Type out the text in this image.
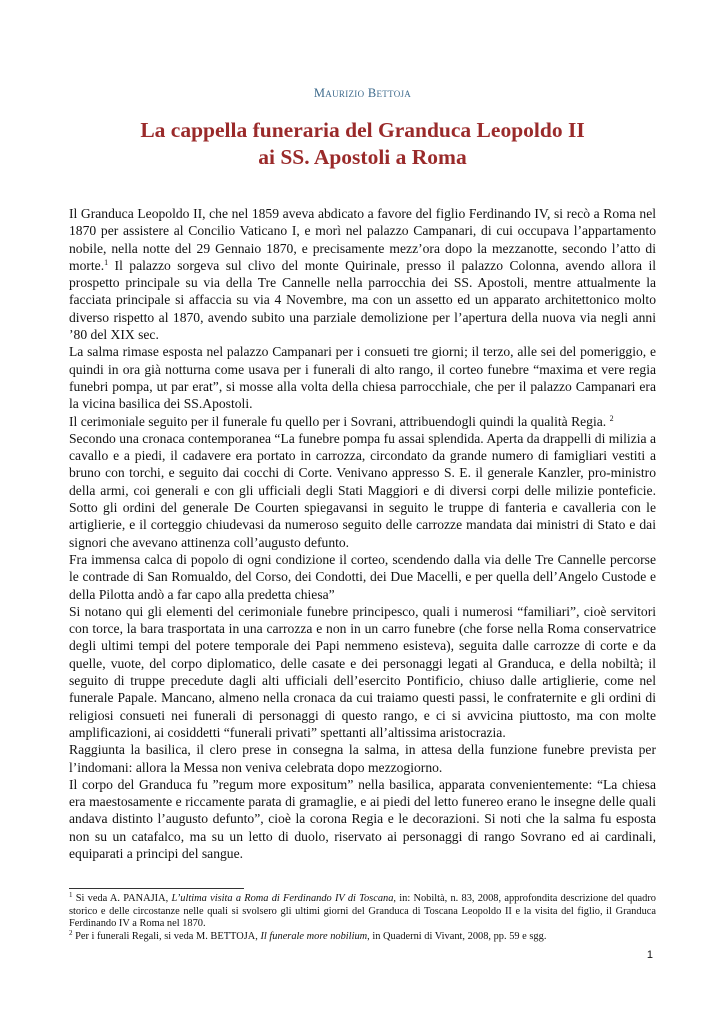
Maurizio Bettoja
La cappella funeraria del Granduca Leopoldo II
ai SS. Apostoli a Roma

Il Granduca Leopoldo II, che nel 1859 aveva abdicato a favore del figlio Ferdinando IV, si recò a Roma nel 1870 per assistere al Concilio Vaticano I, e morì nel palazzo Campanari, di cui occupava l’appartamento nobile, nella notte del 29 Gennaio 1870, e precisamente mezz’ora dopo la mezzanotte, secondo l’atto di morte.$^1$ Il palazzo sorgeva sul clivo del monte Quirinale, presso il palazzo Colonna, avendo allora il prospetto principale su via della Tre Cannelle nella parrocchia dei SS. Apostoli, mentre attualmente la facciata principale si affaccia su via 4 Novembre, ma con un assetto ed un apparato architettonico molto diverso rispetto al 1870, avendo subito una parziale demolizione per l’apertura della nuova via negli anni ’80 del XIX sec.

La salma rimase esposta nel palazzo Campanari per i consueti tre giorni; il terzo, alle sei del pomeriggio, e quindi in ora già notturna come usava per i funerali di alto rango, il corteo funebre “maxima et vere regia funebri pompa, ut par erat”, si mosse alla volta della chiesa parrocchiale, che per il palazzo Campanari era la vicina basilica dei SS.Apostoli.

Il cerimoniale seguito per il funerale fu quello per i Sovrani, attribuendogli quindi la qualità Regia. $^2$

Secondo una cronaca contemporanea “La funebre pompa fu assai splendida. Aperta da drappelli di milizia a cavallo e a piedi, il cadavere era portato in carrozza, circondato da grande numero di famigliari vestiti a bruno con torchi, e seguito dai cocchi di Corte. Venivano appresso S. E. il generale Kanzler, pro-ministro della armi, coi generali e con gli ufficiali degli Stati Maggiori e di diversi corpi delle milizie ponteficie. Sotto gli ordini del generale De Courten spiegavansi in seguito le truppe di fanteria e cavalleria con le artiglierie, e il corteggio chiudevasi da numeroso seguito delle carrozze mandata dai ministri di Stato e dai signori che avevano attinenza coll’augusto defunto.

Fra immensa calca di popolo di ogni condizione il corteo, scendendo dalla via delle Tre Cannelle percorse le contrade di San Romualdo, del Corso, dei Condotti, dei Due Macelli, e per quella dell’Angelo Custode e della Pilotta andò a far capo alla predetta chiesa”

Si notano qui gli elementi del cerimoniale funebre principesco, quali i numerosi “familiari”, cioè servitori con torce, la bara trasportata in una carrozza e non in un carro funebre (che forse nella Roma conservatrice degli ultimi tempi del potere temporale dei Papi nemmeno esisteva), seguita dalle carrozze di corte e da quelle, vuote, del corpo diplomatico, delle casate e dei personaggi legati al Granduca, e della nobiltà; il seguito di truppe precedute dagli alti ufficiali dell’esercito Pontificio, chiuso dalle artiglierie, come nel funerale Papale. Mancano, almeno nella cronaca da cui traiamo questi passi, le confraternite e gli ordini di religiosi consueti nei funerali di personaggi di questo rango, e ci si avvicina piuttosto, ma con molte amplificazioni, ai cosiddetti “funerali privati” spettanti all’altissima aristocrazia.

Raggiunta la basilica, il clero prese in consegna la salma, in attesa della funzione funebre prevista per l’indomani: allora la Messa non veniva celebrata dopo mezzogiorno.

Il corpo del Granduca fu ”regum more expositum” nella basilica, apparata convenientemente: “La chiesa era maestosamente e riccamente parata di gramaglie, e ai piedi del letto funereo erano le insegne delle quali andava distinto l’augusto defunto”, cioè la corona Regia e le decorazioni. Si noti che la salma fu esposta non su un catafalco, ma su un letto di duolo, riservato ai personaggi di rango Sovrano ed ai cardinali, equiparati a principi del sangue.

$^1$ Si veda A. PANAJIA, L’ultima visita a Roma di Ferdinando IV di Toscana, in: Nobiltà, n. 83, 2008, approfondita descrizione del quadro storico e delle circostanze nelle quali si svolsero gli ultimi giorni del Granduca di Toscana Leopoldo II e la visita del figlio, il Granduca Ferdinando IV a Roma nel 1870.

$^2$ Per i funerali Regali, si veda M. BETTOJA, Il funerale more nobilium, in Quaderni di Vivant, 2008, pp. 59 e sgg.

1
